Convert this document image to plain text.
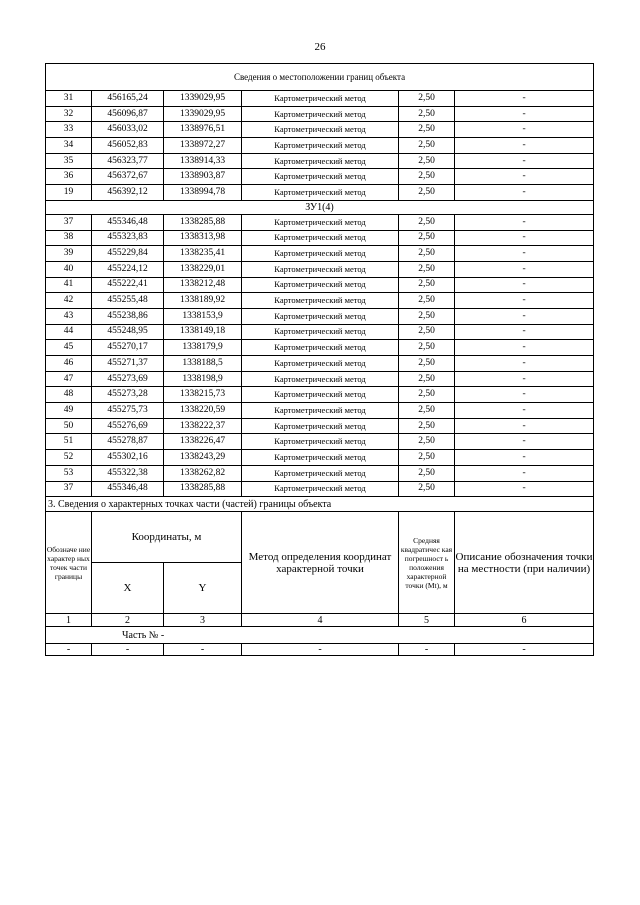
26
Сведения о местоположении границ объекта					
31	456165,24	1339029,95	Картометрический метод	2,50	-
32	456096,87	1339029,95	Картометрический метод	2,50	-
33	456033,02	1338976,51	Картометрический метод	2,50	-
34	456052,83	1338972,27	Картометрический метод	2,50	-
35	456323,77	1338914,33	Картометрический метод	2,50	-
36	456372,67	1338903,87	Картометрический метод	2,50	-
19	456392,12	1338994,78	Картометрический метод	2,50	-
ЗУ1(4)					
37	455346,48	1338285,88	Картометрический метод	2,50	-
38	455323,83	1338313,98	Картометрический метод	2,50	-
39	455229,84	1338235,41	Картометрический метод	2,50	-
40	455224,12	1338229,01	Картометрический метод	2,50	-
41	455222,41	1338212,48	Картометрический метод	2,50	-
42	455255,48	1338189,92	Картометрический метод	2,50	-
43	455238,86	1338153,9	Картометрический метод	2,50	-
44	455248,95	1338149,18	Картометрический метод	2,50	-
45	455270,17	1338179,9	Картометрический метод	2,50	-
46	455271,37	1338188,5	Картометрический метод	2,50	-
47	455273,69	1338198,9	Картометрический метод	2,50	-
48	455273,28	1338215,73	Картометрический метод	2,50	-
49	455275,73	1338220,59	Картометрический метод	2,50	-
50	455276,69	1338222,37	Картометрический метод	2,50	-
51	455278,87	1338226,47	Картометрический метод	2,50	-
52	455302,16	1338243,29	Картометрический метод	2,50	-
53	455322,38	1338262,82	Картометрический метод	2,50	-
37	455346,48	1338285,88	Картометрический метод	2,50	-
3. Сведения о характерных точках части (частей) границы объекта					
Обозначе ние характер ных точек части границы	Координаты, м		Метод определения координат характерной точки	Средняя квадратичес кая погрешност ь положения характерной точки (Mt), м	Описание обозначения точки на местности (при наличии)
	X	Y			
1	2	3	4	5	6
Часть № -					
-	-	-	-	-	-
